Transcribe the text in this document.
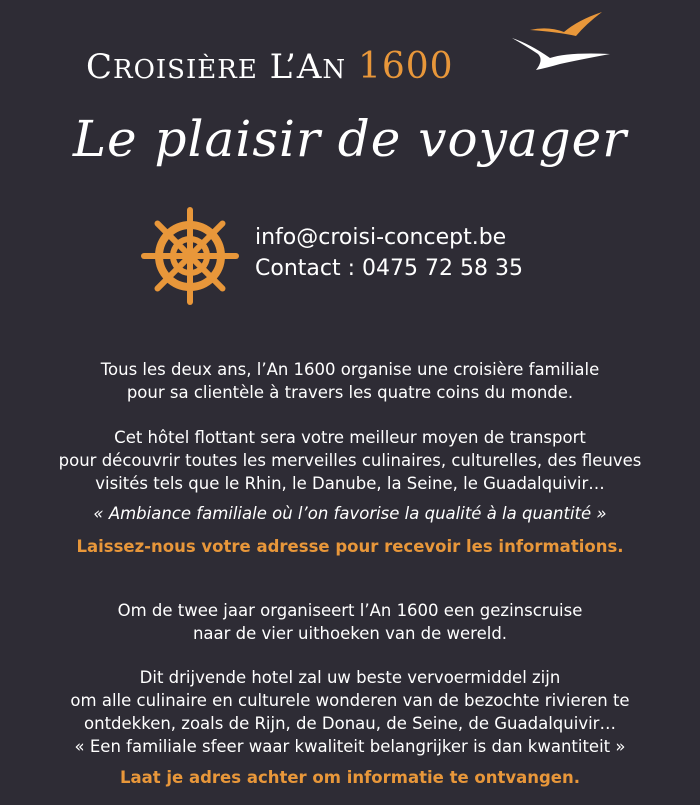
CROISIÈRE L’AN 1600
Le plaisir de voyager
info@croisi-concept.be
Contact : 0475 72 58 35
Tous les deux ans, l’An 1600 organise une croisière familiale
pour sa clientèle à travers les quatre coins du monde.
Cet hôtel flottant sera votre meilleur moyen de transport
pour découvrir toutes les merveilles culinaires, culturelles, des fleuves
visités tels que le Rhin, le Danube, la Seine, le Guadalquivir…
« Ambiance familiale où l’on favorise la qualité à la quantité »
Laissez-nous votre adresse pour recevoir les informations.
Om de twee jaar organiseert l’An 1600 een gezinscruise
naar de vier uithoeken van de wereld.
Dit drijvende hotel zal uw beste vervoermiddel zijn
om alle culinaire en culturele wonderen van de bezochte rivieren te
ontdekken, zoals de Rijn, de Donau, de Seine, de Guadalquivir…
« Een familiale sfeer waar kwaliteit belangrijker is dan kwantiteit »
Laat je adres achter om informatie te ontvangen.
